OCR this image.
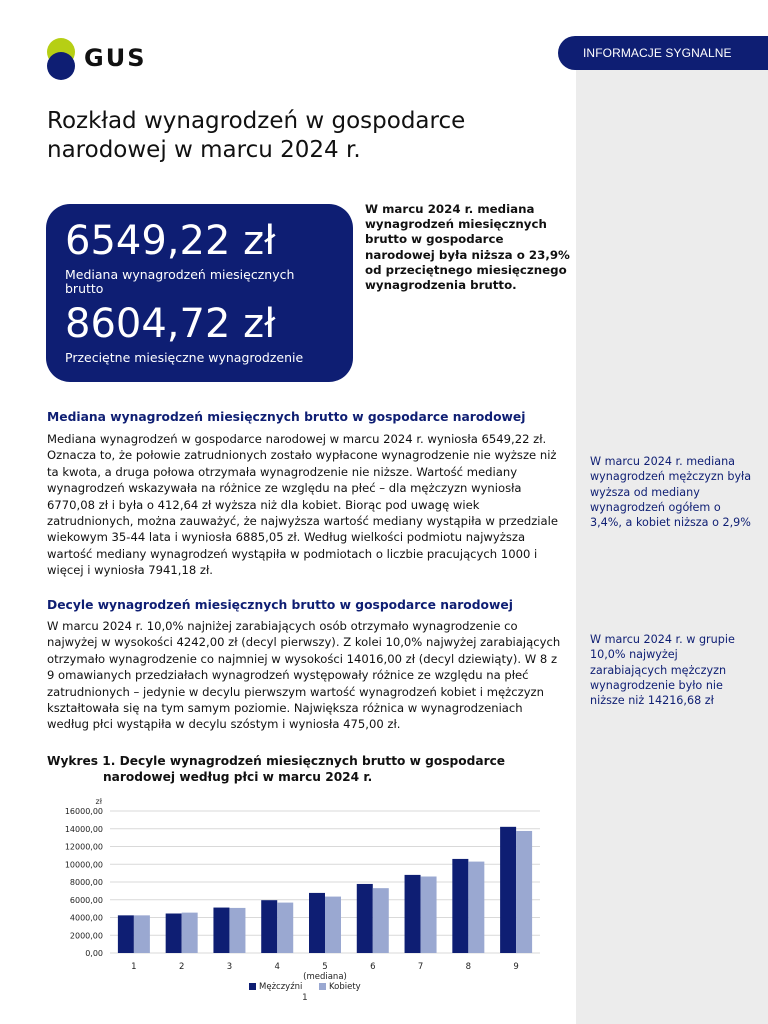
INFORMACJE SYGNALNE
GUS
Rozkład wynagrodzeń w gospodarce
narodowej w marcu 2024 r.
6549,22 zł
Mediana wynagrodzeń miesięcznych brutto
8604,72 zł
Przeciętne miesięczne wynagrodzenie

W marcu 2024 r. mediana wynagrodzeń miesięcznych brutto w gospodarce narodowej była niższa o 23,9% od przeciętnego miesięcznego wynagrodzenia brutto.

Mediana wynagrodzeń miesięcznych brutto w gospodarce narodowej

Mediana wynagrodzeń w gospodarce narodowej w marcu 2024 r. wyniosła 6549,22 zł. Oznacza to, że połowie zatrudnionych zostało wypłacone wynagrodzenie nie wyższe niż ta kwota, a druga połowa otrzymała wynagrodzenie nie niższe. Wartość mediany wynagrodzeń wskazywała na różnice ze względu na płeć – dla mężczyzn wyniosła 6770,08 zł i była o 412,64 zł wyższa niż dla kobiet. Biorąc pod uwagę wiek zatrudnionych, można zauważyć, że najwyższa wartość mediany wystąpiła w przedziale wiekowym 35-44 lata i wyniosła 6885,05 zł. Według wielkości podmiotu najwyższa wartość mediany wynagrodzeń wystąpiła w podmiotach o liczbie pracujących 1000 i więcej i wyniosła 7941,18 zł.

W marcu 2024 r. mediana wynagrodzeń mężczyzn była wyższa od mediany wynagrodzeń ogółem o 3,4%, a kobiet niższa o 2,9%

Decyle wynagrodzeń miesięcznych brutto w gospodarce narodowej

W marcu 2024 r. 10,0% najniżej zarabiających osób otrzymało wynagrodzenie co najwyżej w wysokości 4242,00 zł (decyl pierwszy). Z kolei 10,0% najwyżej zarabiających otrzymało wynagrodzenie co najmniej w wysokości 14016,00 zł (decyl dziewiąty). W 8 z 9 omawianych przedziałach wynagrodzeń występowały różnice ze względu na płeć zatrudnionych – jedynie w decylu pierwszym wartość wynagrodzeń kobiet i mężczyzn kształtowała się na tym samym poziomie. Największa różnica w wynagrodzeniach według płci wystąpiła w decylu szóstym i wyniosła 475,00 zł.

W marcu 2024 r. w grupie 10,0% najwyżej zarabiających mężczyzn wynagrodzenie było nie niższe niż 14216,68 zł

Wykres 1. Decyle wynagrodzeń miesięcznych brutto w gospodarce
narodowej według płci w marcu 2024 r.
zł
0,00
2000,00
4000,00
6000,00
8000,00
10000,00
12000,00
14000,00
16000,00
1	2	3	4	5
(mediana)
6	7	8	9
Mężczyźni	Kobiety
1
